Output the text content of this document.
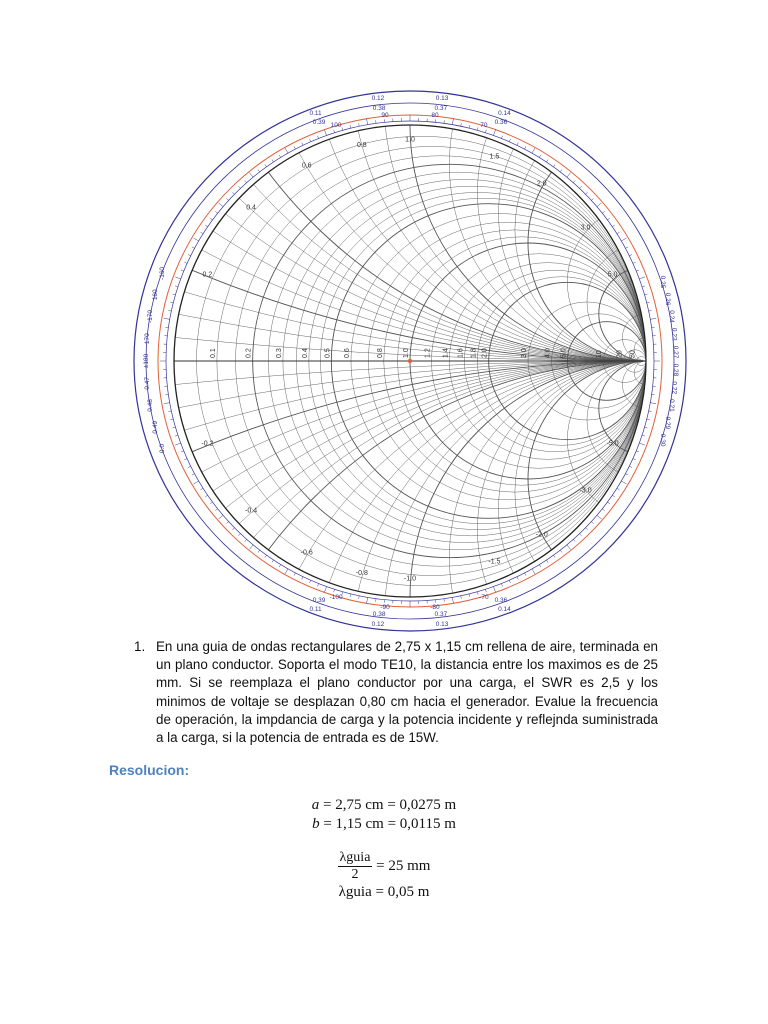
0.1	0.2	0.3	0.4 0.5 0.6	0.8	1.0 1.2 1.4 1.6 1.8 2.0	3.0 4.0 5.0	10 20 50
0.2
-0.2
0.4
-0.4
0.6
-0.6
0.8
-0.8
1.0
-1.0
1.5
-1.5
2.0
-2.0
3.0
-3.0
5.0
-5.0
0.11
0.12	0.13
0.14
0.39
0.38	0.37
0.36
100
90	80
70
0.11
0.12	0.13
0.14
0.39
0.38	0.37
0.36
-100
-90	-80
-70
0.0
0.49
0.48
0.47
±180
170
-170
160
-160
0.25
0.26
0.24
0.23
0.27
0.28
0.22
0.21
0.29
0.30
1. En una guia de ondas rectangulares de 2,75 x 1,15 cm rellena de aire, terminada en un plano conductor. Soporta el modo TE10, la distancia entre los maximos es de 25 mm. Si se reemplaza el plano conductor por una carga, el SWR es 2,5 y los minimos de voltaje se desplazan 0,80 cm hacia el generador. Evalue la frecuencia de operación, la impdancia de carga y la potencia incidente y reflejnda suministrada a la carga, si la potencia de entrada es de 15W.
Resolucion:
a = 2,75 cm = 0,0275 m
b = 1,15 cm = 0,0115 m
$\frac{\text{λguia}}{2} = 25$ mm
λguia = 0,05 m
